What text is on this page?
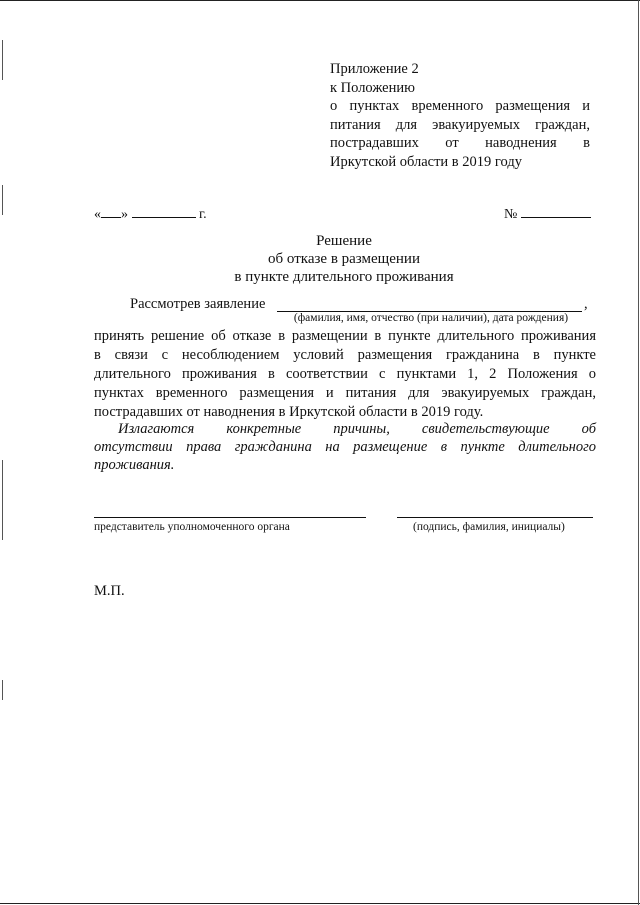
Приложение 2
к Положению
о пунктах временного размещения и
питания для эвакуируемых граждан,
пострадавших от наводнения в
Иркутской области в 2019 году
« »	г.	№
Решение
об отказе в размещении
в пункте длительного проживания
Рассмотрев заявление	,
(фамилия, имя, отчество (при наличии), дата рождения)
принять решение об отказе в размещении в пункте длительного проживания
в связи с несоблюдением условий размещения гражданина в пункте
длительного проживания в соответствии с пунктами 1, 2 Положения о
пунктах временного размещения и питания для эвакуируемых граждан,
пострадавших от наводнения в Иркутской области в 2019 году.
Излагаются конкретные причины, свидетельствующие об
отсутствии права гражданина на размещение в пункте длительного
проживания.
представитель уполномоченного органа	(подпись, фамилия, инициалы)
М.П.
